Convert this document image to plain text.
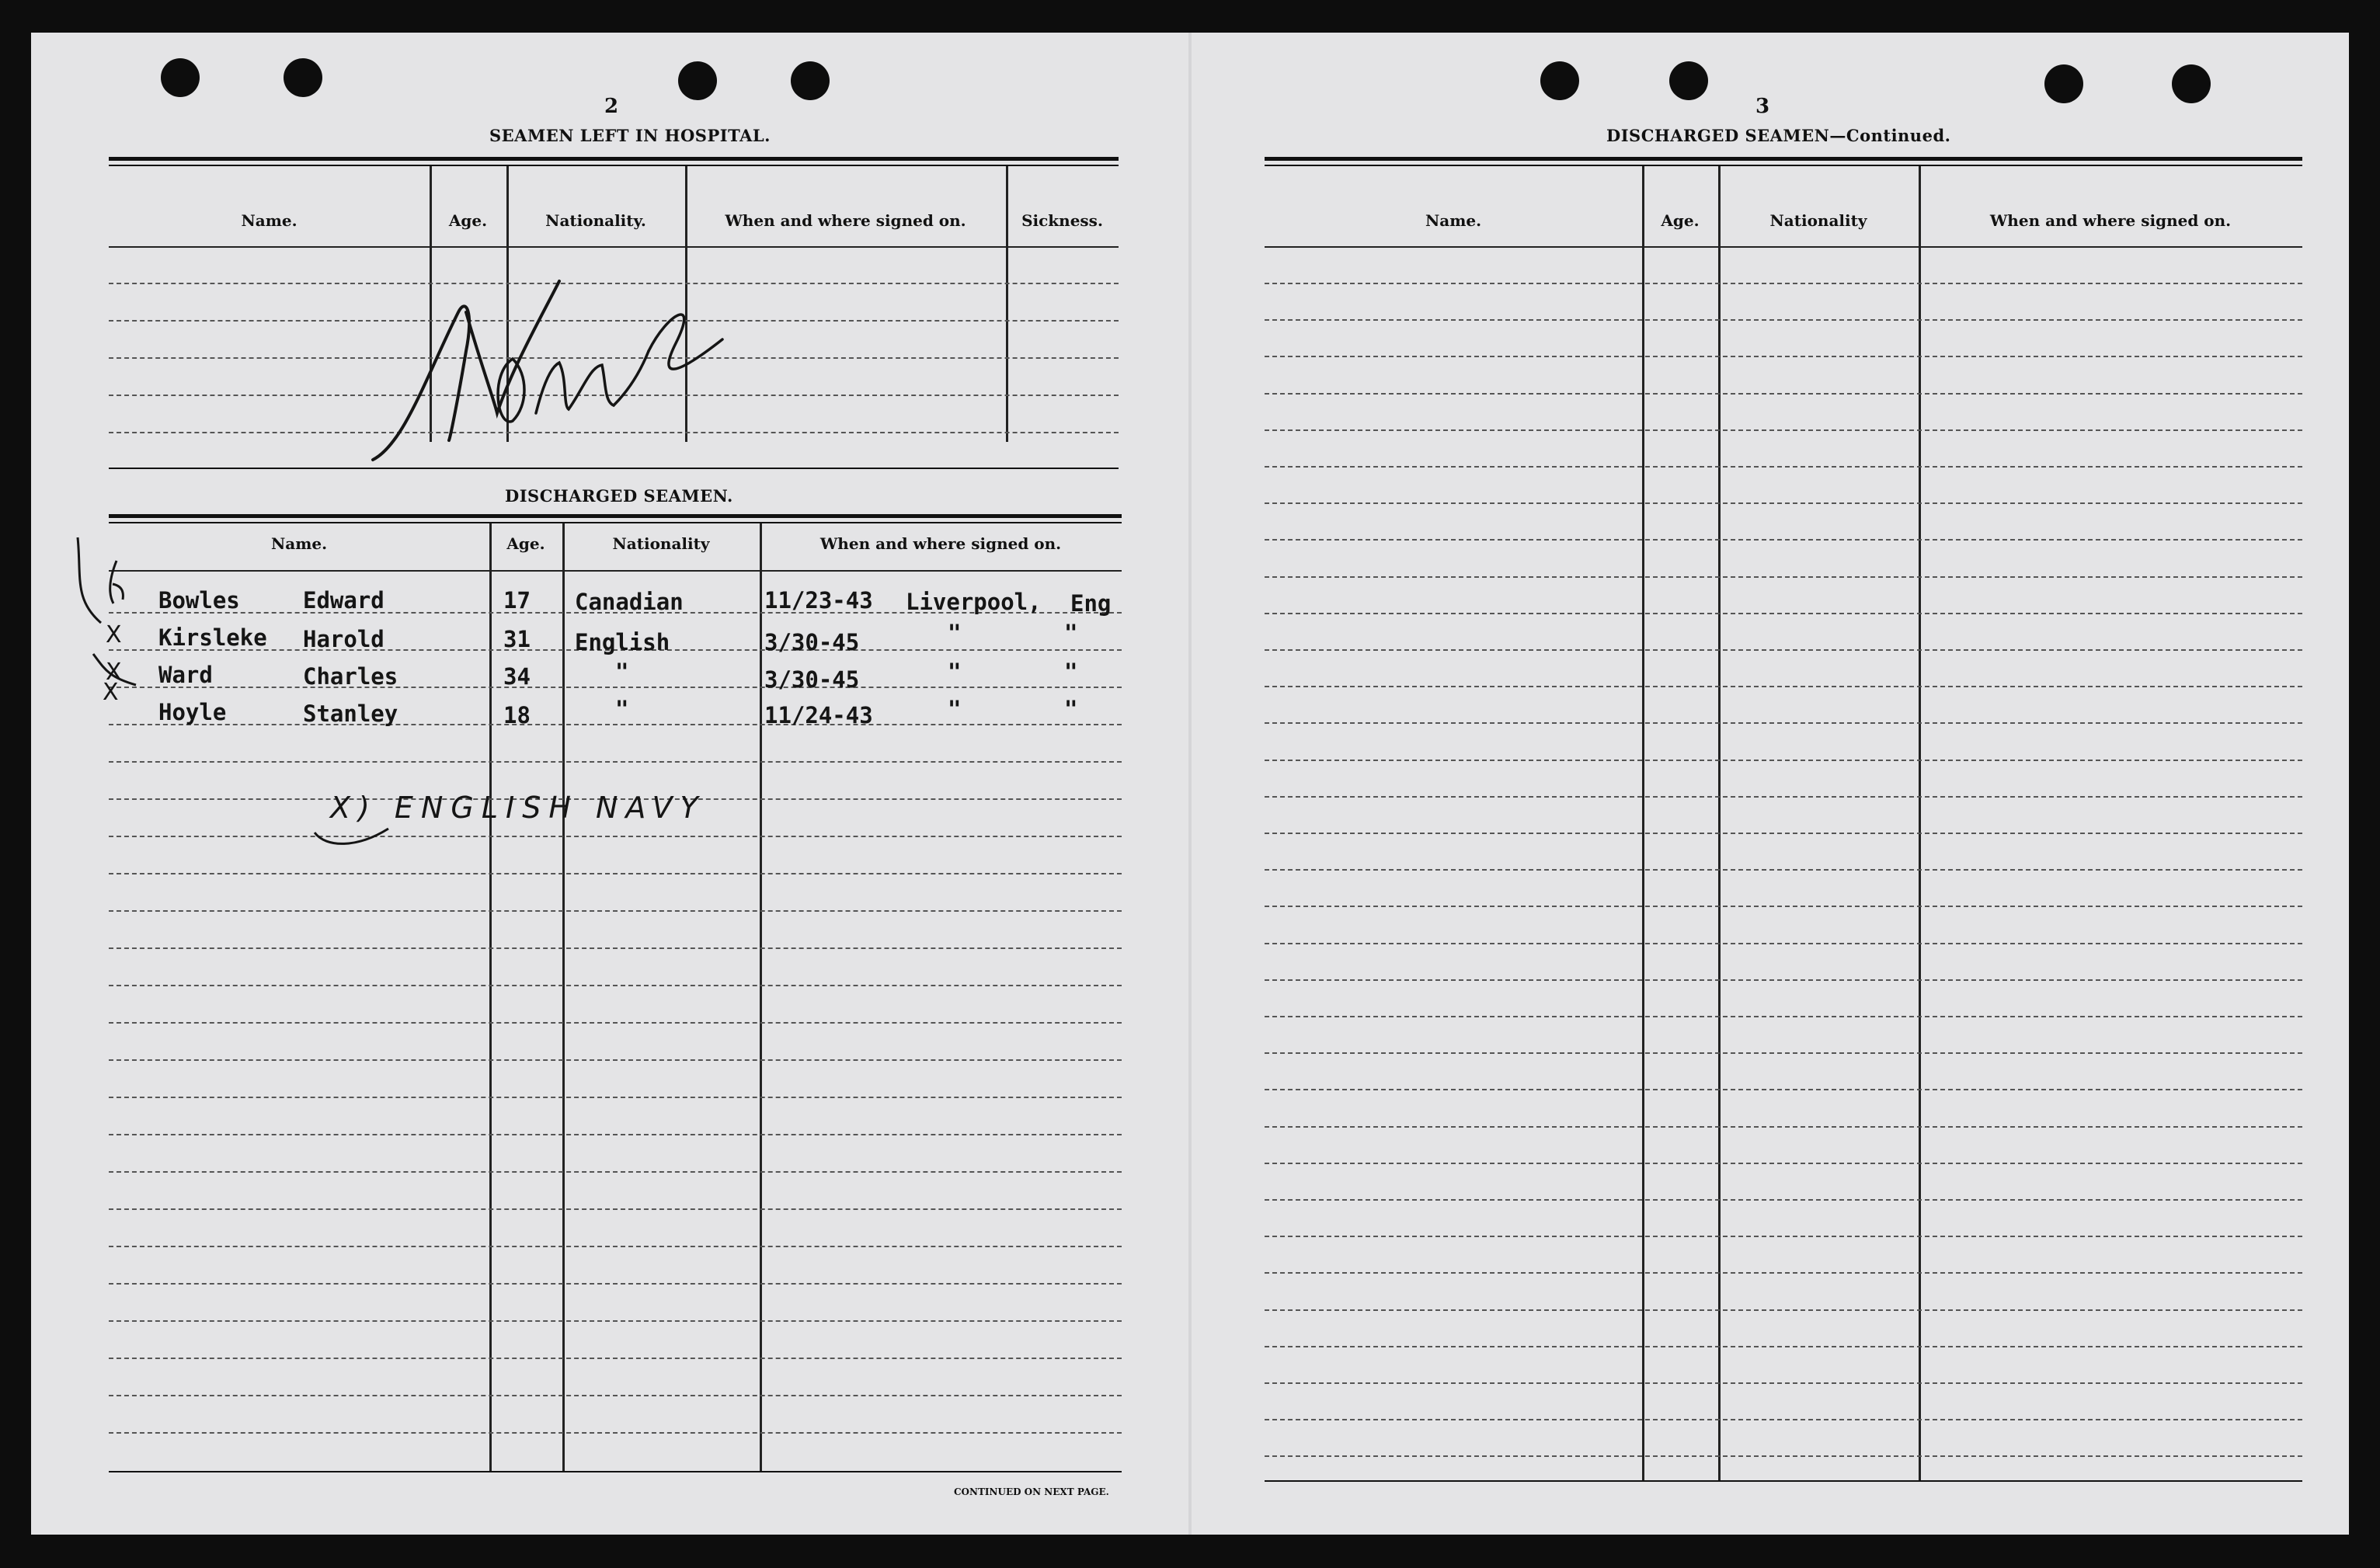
2
SEAMEN LEFT IN HOSPITAL.
Name.	Age.	Nationality.	When and where signed on.	Sickness.
DISCHARGED SEAMEN.
Name.	Age.	Nationality	When and where signed on.
Bowles	Edward	17 Canadian	11/23-43 Liverpool, Eng
Kirsleke Harold	31 English	3/30-45	"	"
Ward	Charles	34	"	3/30-45	"	"
Hoyle	Stanley	18	"	11/24-43	"	"
X
X
X
X) ENGLISH NAVY
CONTINUED ON NEXT PAGE.
3
DISCHARGED SEAMEN—Continued.
Name.	Age.	Nationality	When and where signed on.
